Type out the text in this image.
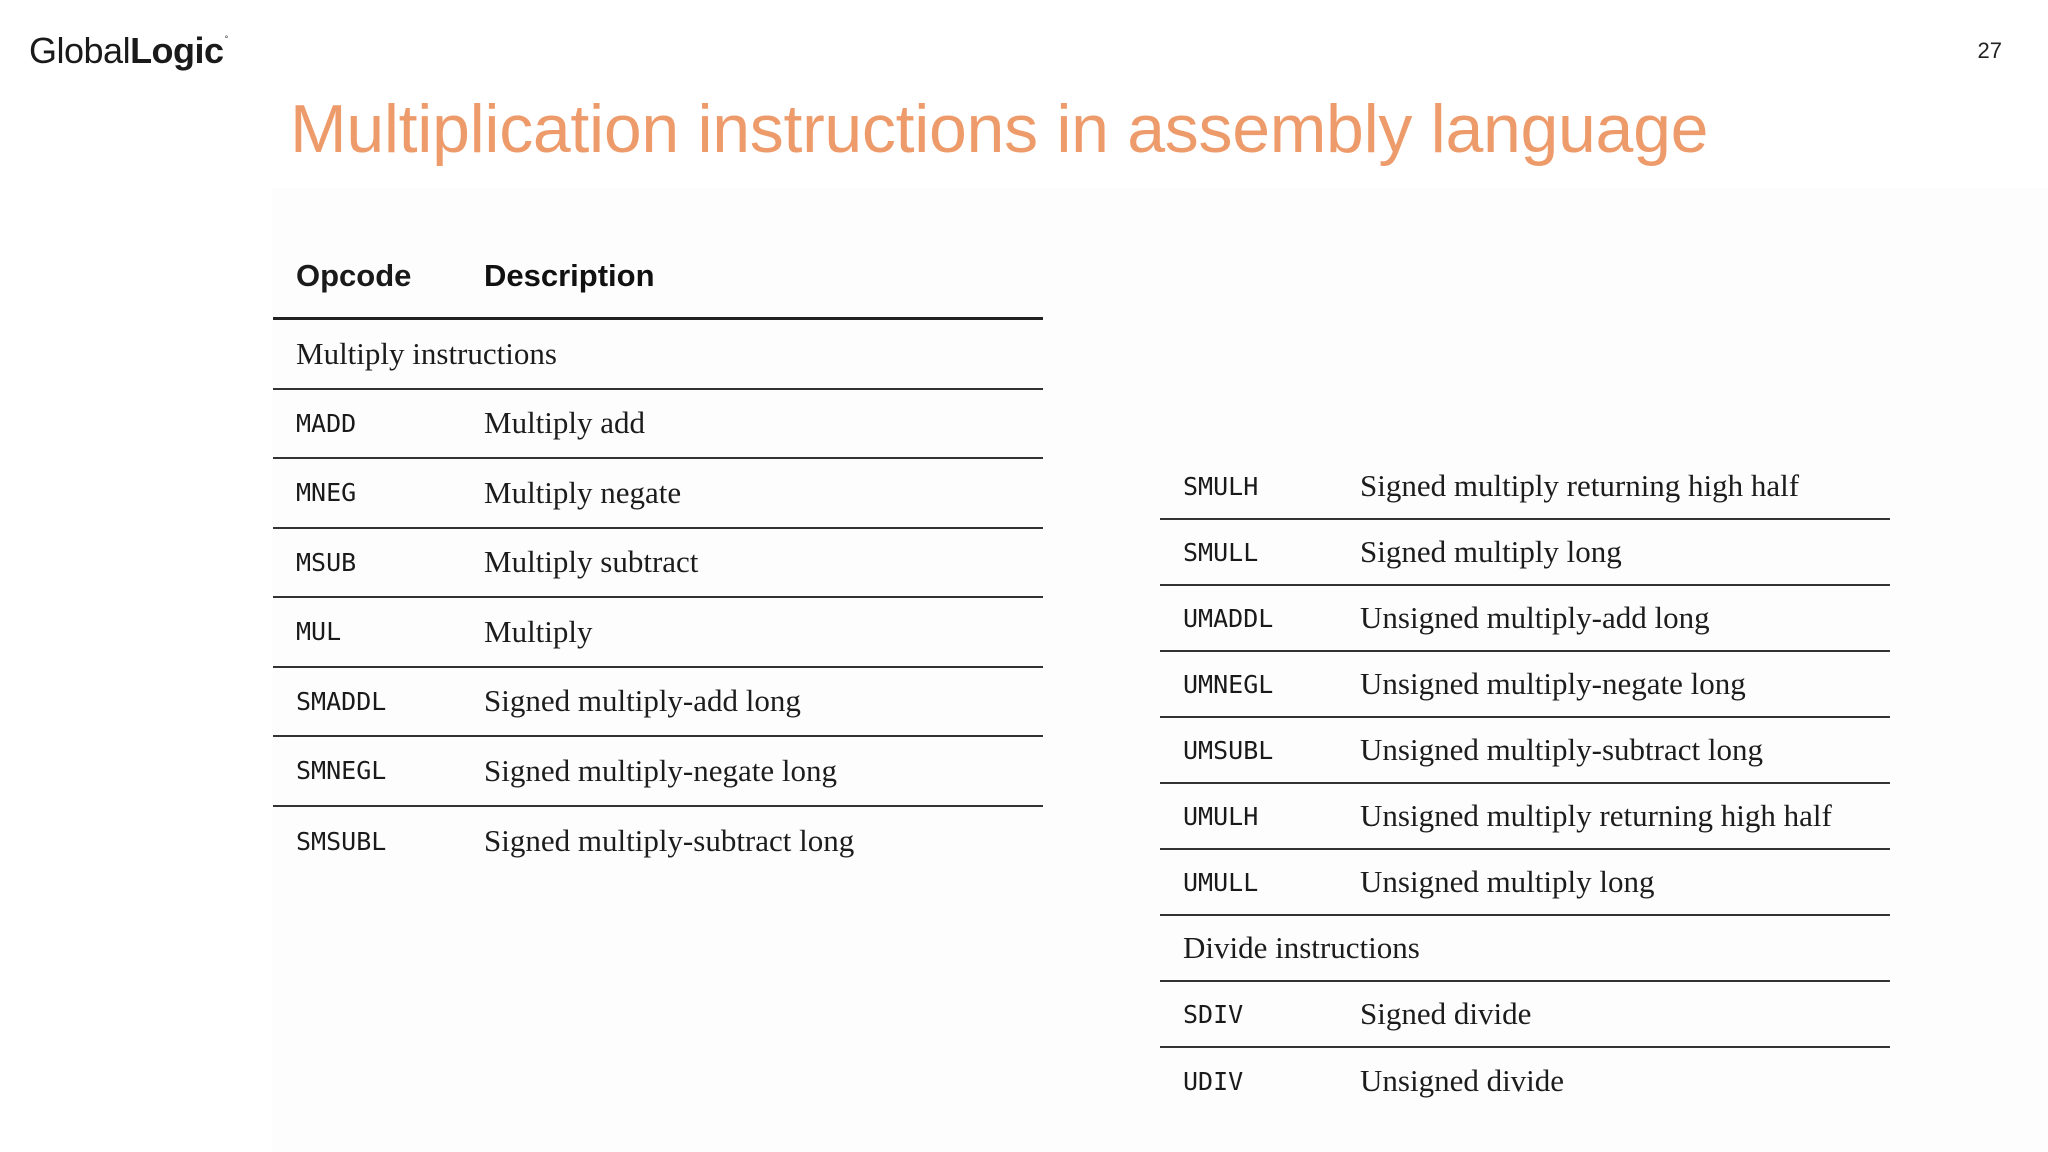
GlobalLogic°	27
Multiplication instructions in assembly language
Opcode	Description
Multiply instructions
MADD	Multiply add
MNEG	Multiply negate
MSUB	Multiply subtract
MUL	Multiply
SMADDL	Signed multiply-add long
SMNEGL	Signed multiply-negate long
SMSUBL	Signed multiply-subtract long
SMULH	Signed multiply returning high half
SMULL	Signed multiply long
UMADDL	Unsigned multiply-add long
UMNEGL	Unsigned multiply-negate long
UMSUBL	Unsigned multiply-subtract long
UMULH	Unsigned multiply returning high half
UMULL	Unsigned multiply long
Divide instructions
SDIV	Signed divide
UDIV	Unsigned divide
